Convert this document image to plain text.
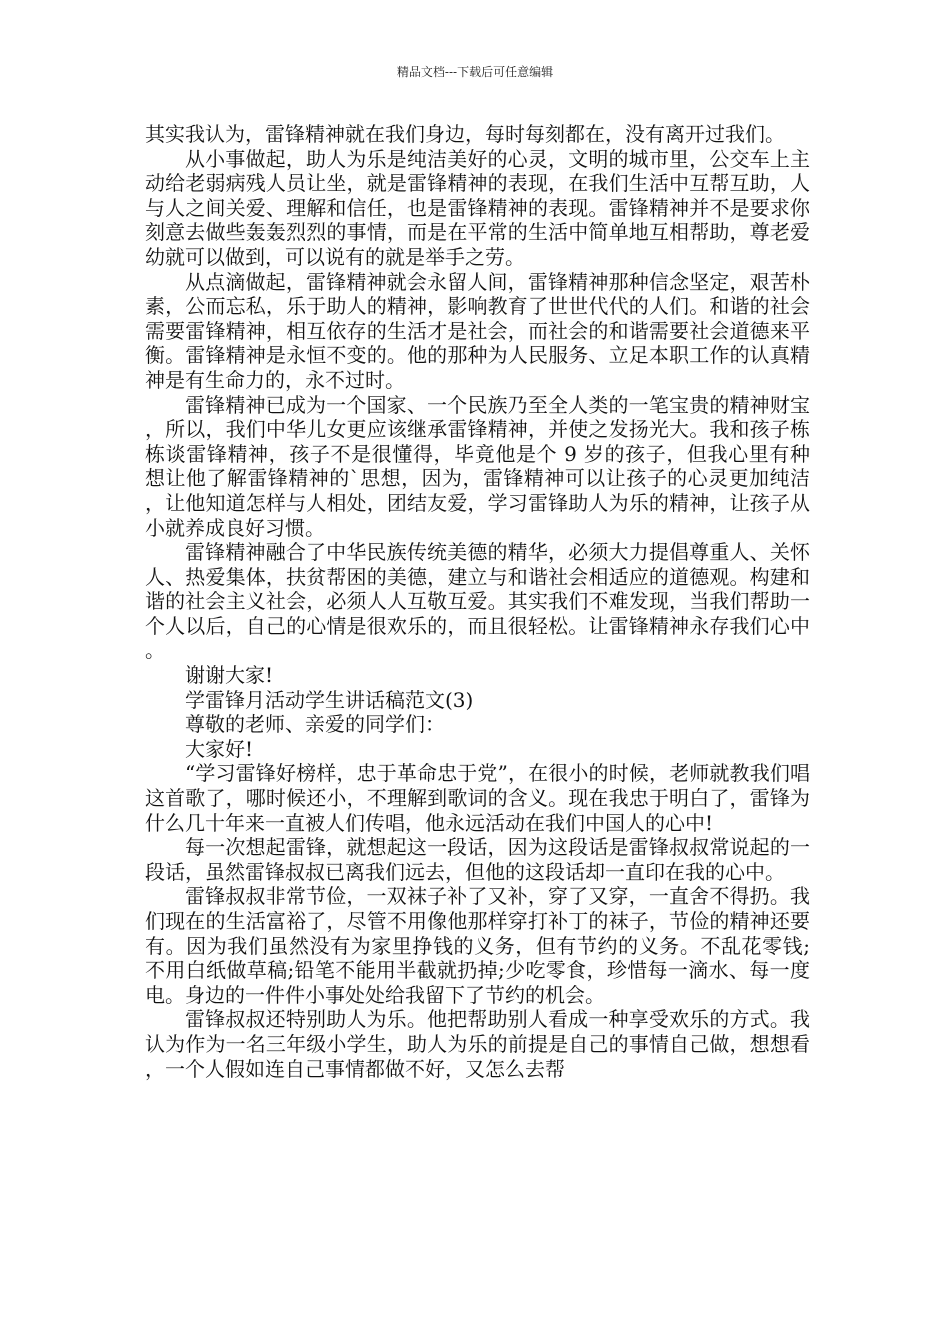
精品文档---下载后可任意编辑

其实我认为，雷锋精神就在我们身边，每时每刻都在，没有离开过我们。

从小事做起，助人为乐是纯洁美好的心灵，文明的城市里，公交车上主动给老弱病残人员让坐，就是雷锋精神的表现，在我们生活中互帮互助，人与人之间关爱、理解和信任，也是雷锋精神的表现。雷锋精神并不是要求你刻意去做些轰轰烈烈的事情，而是在平常的生活中简单地互相帮助，尊老爱幼就可以做到，可以说有的就是举手之劳。

从点滴做起，雷锋精神就会永留人间，雷锋精神那种信念坚定，艰苦朴素，公而忘私，乐于助人的精神，影响教育了世世代代的人们。和谐的社会需要雷锋精神，相互依存的生活才是社会，而社会的和谐需要社会道德来平衡。雷锋精神是永恒不变的。他的那种为人民服务、立足本职工作的认真精神是有生命力的，永不过时。

雷锋精神已成为一个国家、一个民族乃至全人类的一笔宝贵的精神财宝，所以，我们中华儿女更应该继承雷锋精神，并使之发扬光大。我和孩子栋栋谈雷锋精神，孩子不是很懂得，毕竟他是个 9 岁的孩子，但我心里有种想让他了解雷锋精神的`思想，因为，雷锋精神可以让孩子的心灵更加纯洁，让他知道怎样与人相处，团结友爱，学习雷锋助人为乐的精神，让孩子从小就养成良好习惯。

雷锋精神融合了中华民族传统美德的精华，必须大力提倡尊重人、关怀人、热爱集体，扶贫帮困的美德，建立与和谐社会相适应的道德观。构建和谐的社会主义社会，必须人人互敬互爱。其实我们不难发现，当我们帮助一个人以后，自己的心情是很欢乐的，而且很轻松。让雷锋精神永存我们心中。

谢谢大家!

学雷锋月活动学生讲话稿范文(3)

尊敬的老师、亲爱的同学们：

大家好!

“学习雷锋好榜样，忠于革命忠于党”，在很小的时候，老师就教我们唱这首歌了，哪时候还小，不理解到歌词的含义。现在我忠于明白了，雷锋为什么几十年来一直被人们传唱，他永远活动在我们中国人的心中!

每一次想起雷锋，就想起这一段话，因为这段话是雷锋叔叔常说起的一段话，虽然雷锋叔叔已离我们远去，但他的这段话却一直印在我的心中。

雷锋叔叔非常节俭，一双袜子补了又补，穿了又穿，一直舍不得扔。我们现在的生活富裕了，尽管不用像他那样穿打补丁的袜子，节俭的精神还要有。因为我们虽然没有为家里挣钱的义务，但有节约的义务。不乱花零钱;不用白纸做草稿;铅笔不能用半截就扔掉;少吃零食，珍惜每一滴水、每一度电。身边的一件件小事处处给我留下了节约的机会。

雷锋叔叔还特别助人为乐。他把帮助别人看成一种享受欢乐的方式。我认为作为一名三年级小学生，助人为乐的前提是自己的事情自己做，想想看，一个人假如连自己事情都做不好，又怎么去帮
